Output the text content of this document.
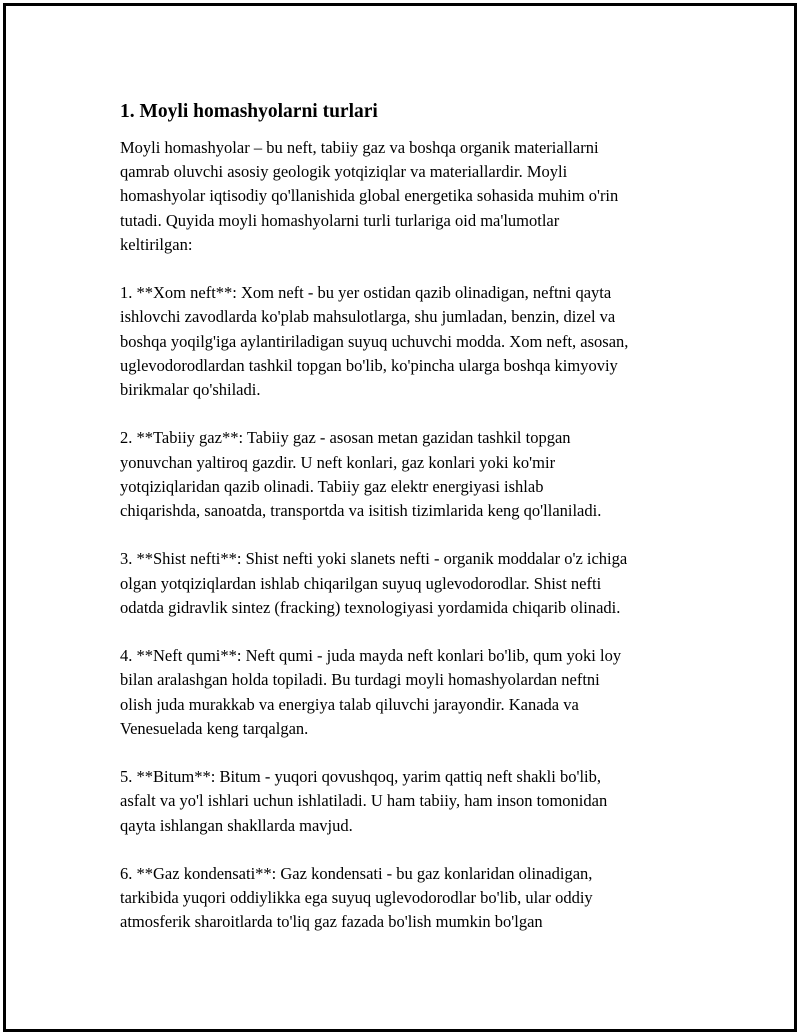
1. Moyli homashyolarni turlari

Moyli homashyolar – bu neft, tabiiy gaz va boshqa organik materiallarni
qamrab oluvchi asosiy geologik yotqiziqlar va materiallardir. Moyli
homashyolar iqtisodiy qo'llanishida global energetika sohasida muhim o'rin
tutadi. Quyida moyli homashyolarni turli turlariga oid ma'lumotlar
keltirilgan:

1. **Xom neft**: Xom neft - bu yer ostidan qazib olinadigan, neftni qayta
ishlovchi zavodlarda ko'plab mahsulotlarga, shu jumladan, benzin, dizel va
boshqa yoqilg'iga aylantiriladigan suyuq uchuvchi modda. Xom neft, asosan,
uglevodorodlardan tashkil topgan bo'lib, ko'pincha ularga boshqa kimyoviy
birikmalar qo'shiladi.

2. **Tabiiy gaz**: Tabiiy gaz - asosan metan gazidan tashkil topgan
yonuvchan yaltiroq gazdir. U neft konlari, gaz konlari yoki ko'mir
yotqiziqlaridan qazib olinadi. Tabiiy gaz elektr energiyasi ishlab
chiqarishda, sanoatda, transportda va isitish tizimlarida keng qo'llaniladi.

3. **Shist nefti**: Shist nefti yoki slanets nefti - organik moddalar o'z ichiga
olgan yotqiziqlardan ishlab chiqarilgan suyuq uglevodorodlar. Shist nefti
odatda gidravlik sintez (fracking) texnologiyasi yordamida chiqarib olinadi.

4. **Neft qumi**: Neft qumi - juda mayda neft konlari bo'lib, qum yoki loy
bilan aralashgan holda topiladi. Bu turdagi moyli homashyolardan neftni
olish juda murakkab va energiya talab qiluvchi jarayondir. Kanada va
Venesuelada keng tarqalgan.

5. **Bitum**: Bitum - yuqori qovushqoq, yarim qattiq neft shakli bo'lib,
asfalt va yo'l ishlari uchun ishlatiladi. U ham tabiiy, ham inson tomonidan
qayta ishlangan shakllarda mavjud.

6. **Gaz kondensati**: Gaz kondensati - bu gaz konlaridan olinadigan,
tarkibida yuqori oddiylikka ega suyuq uglevodorodlar bo'lib, ular oddiy
atmosferik sharoitlarda to'liq gaz fazada bo'lish mumkin bo'lgan
